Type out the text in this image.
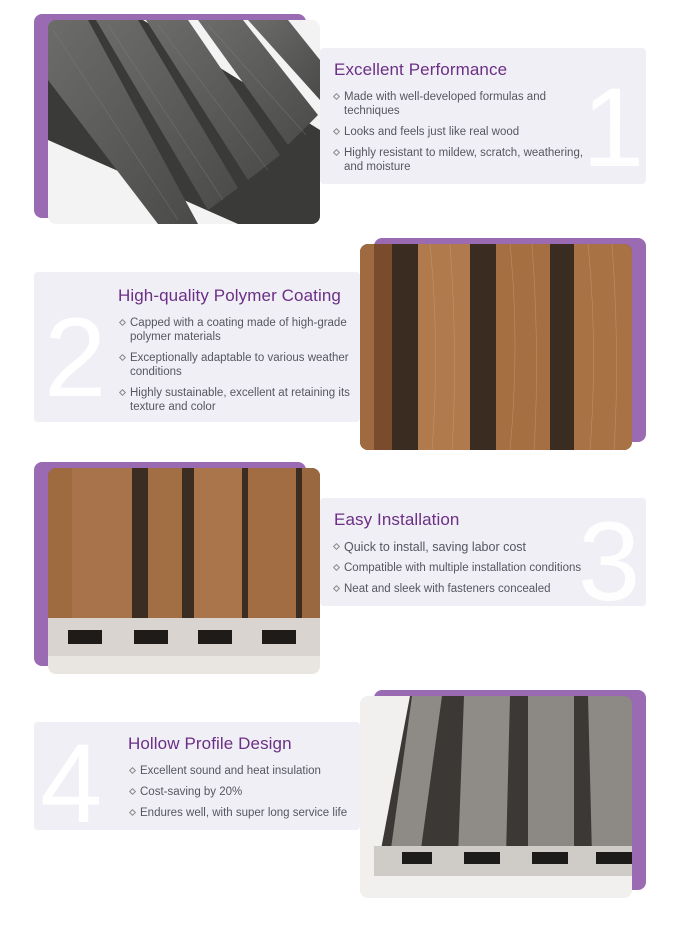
1
Excellent Performance
Made with well-developed formulas and techniques
Looks and feels just like real wood
Highly resistant to mildew, scratch, weathering, and moisture
2 High-quality Polymer Coating
Capped with a coating made of high-grade polymer materials
Exceptionally adaptable to various weather conditions
Highly sustainable, excellent at retaining its texture and color
3
Easy Installation
Quick to install, saving labor cost
Compatible with multiple installation conditions
Neat and sleek with fasteners concealed
4 Hollow Profile Design
Excellent sound and heat insulation
Cost-saving by 20%
Endures well, with super long service life
